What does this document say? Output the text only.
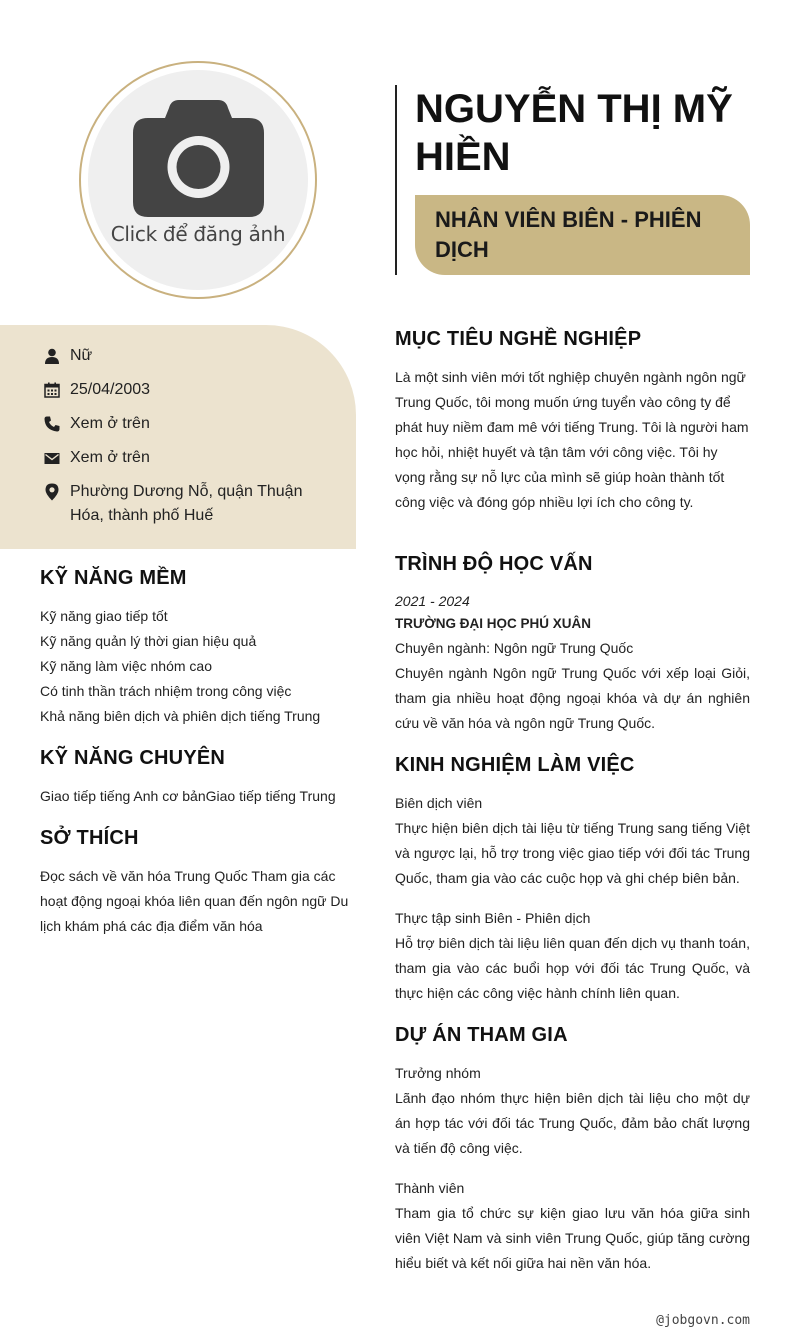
Click để đăng ảnh
NGUYỄN THỊ MỸ HIỀN
NHÂN VIÊN BIÊN - PHIÊN DỊCH
Nữ
25/04/2003
Xem ở trên
Xem ở trên
Phường Dương Nỗ, quận Thuận Hóa, thành phố Huế
KỸ NĂNG MỀM
Kỹ năng giao tiếp tốt
Kỹ năng quản lý thời gian hiệu quả
Kỹ năng làm việc nhóm cao
Có tinh thần trách nhiệm trong công việc
Khả năng biên dịch và phiên dịch tiếng Trung
KỸ NĂNG CHUYÊN
Giao tiếp tiếng Anh cơ bảnGiao tiếp tiếng Trung
SỞ THÍCH
Đọc sách về văn hóa Trung Quốc Tham gia các hoạt động ngoại khóa liên quan đến ngôn ngữ Du lịch khám phá các địa điểm văn hóa
MỤC TIÊU NGHỀ NGHIỆP
Là một sinh viên mới tốt nghiệp chuyên ngành ngôn ngữ Trung Quốc, tôi mong muốn ứng tuyển vào công ty để phát huy niềm đam mê với tiếng Trung. Tôi là người ham học hỏi, nhiệt huyết và tận tâm với công việc. Tôi hy vọng rằng sự nỗ lực của mình sẽ giúp hoàn thành tốt công việc và đóng góp nhiều lợi ích cho công ty.
TRÌNH ĐỘ HỌC VẤN
2021 - 2024
TRƯỜNG ĐẠI HỌC PHÚ XUÂN
Chuyên ngành: Ngôn ngữ Trung Quốc
Chuyên ngành Ngôn ngữ Trung Quốc với xếp loại Giỏi, tham gia nhiều hoạt động ngoại khóa và dự án nghiên cứu về văn hóa và ngôn ngữ Trung Quốc.
KINH NGHIỆM LÀM VIỆC
Biên dịch viên
Thực hiện biên dịch tài liệu từ tiếng Trung sang tiếng Việt và ngược lại, hỗ trợ trong việc giao tiếp với đối tác Trung Quốc, tham gia vào các cuộc họp và ghi chép biên bản.
Thực tập sinh Biên - Phiên dịch
Hỗ trợ biên dịch tài liệu liên quan đến dịch vụ thanh toán, tham gia vào các buổi họp với đối tác Trung Quốc, và thực hiện các công việc hành chính liên quan.
DỰ ÁN THAM GIA
Trưởng nhóm
Lãnh đạo nhóm thực hiện biên dịch tài liệu cho một dự án hợp tác với đối tác Trung Quốc, đảm bảo chất lượng và tiến độ công việc.
Thành viên
Tham gia tổ chức sự kiện giao lưu văn hóa giữa sinh viên Việt Nam và sinh viên Trung Quốc, giúp tăng cường hiểu biết và kết nối giữa hai nền văn hóa.
@jobgovn.com
